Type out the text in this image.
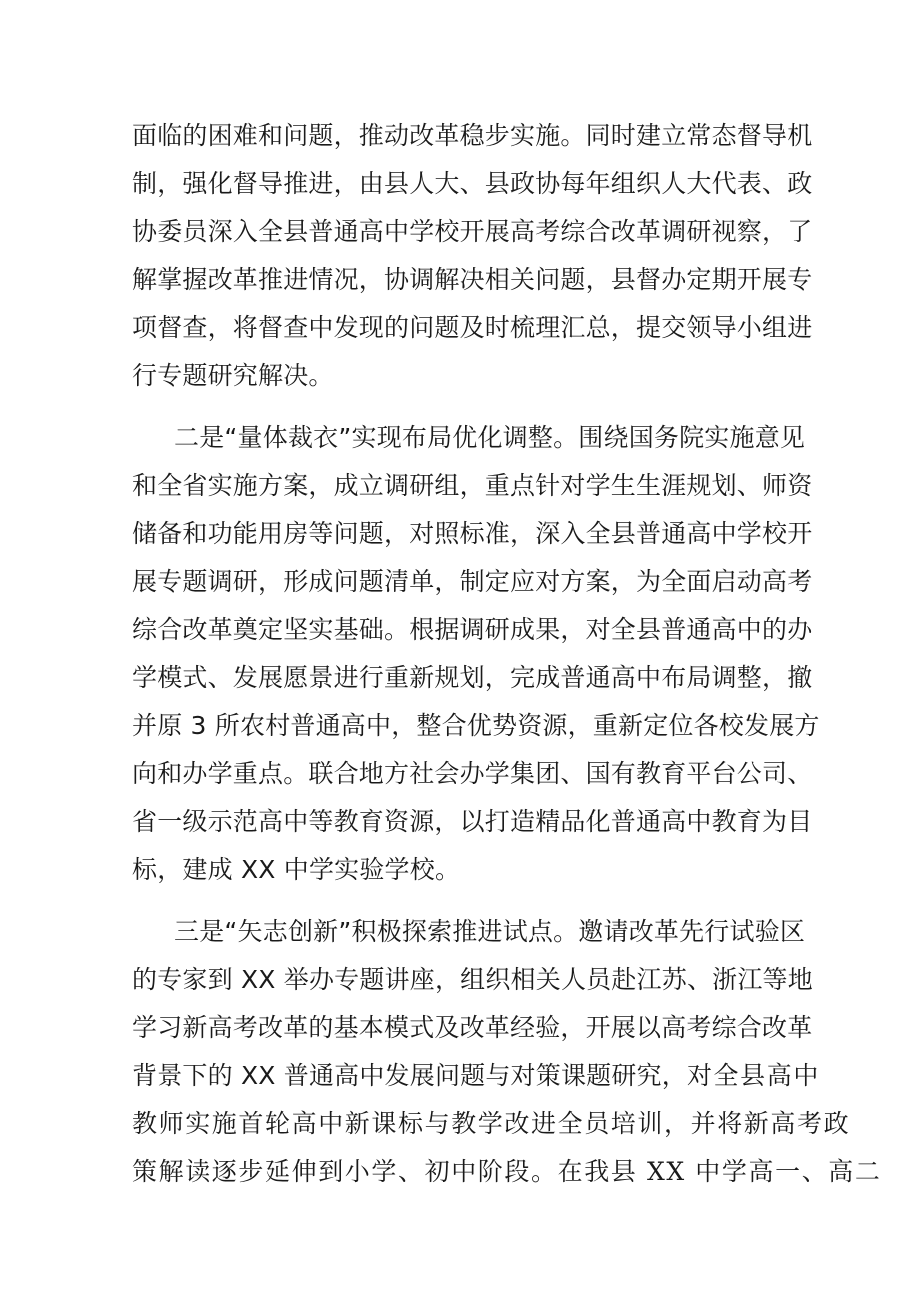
面临的困难和问题，推动改革稳步实施。同时建立常态督导机
制，强化督导推进，由县人大、县政协每年组织人大代表、政
协委员深入全县普通高中学校开展高考综合改革调研视察，了
解掌握改革推进情况，协调解决相关问题，县督办定期开展专
项督查，将督查中发现的问题及时梳理汇总，提交领导小组进
行专题研究解决。
二是“量体裁衣”实现布局优化调整。围绕国务院实施意见
和全省实施方案，成立调研组，重点针对学生生涯规划、师资
储备和功能用房等问题，对照标准，深入全县普通高中学校开
展专题调研，形成问题清单，制定应对方案，为全面启动高考
综合改革奠定坚实基础。根据调研成果，对全县普通高中的办
学模式、发展愿景进行重新规划，完成普通高中布局调整，撤
并原 3 所农村普通高中，整合优势资源，重新定位各校发展方
向和办学重点。联合地方社会办学集团、国有教育平台公司、
省一级示范高中等教育资源，以打造精品化普通高中教育为目
标，建成 XX 中学实验学校。
三是“矢志创新”积极探索推进试点。邀请改革先行试验区
的专家到 XX 举办专题讲座，组织相关人员赴江苏、浙江等地
学习新高考改革的基本模式及改革经验，开展以高考综合改革
背景下的 XX 普通高中发展问题与对策课题研究，对全县高中
教师实施首轮高中新课标与教学改进全员培训，并将新高考政
策解读逐步延伸到小学、初中阶段。在我县 XX 中学高一、高二
